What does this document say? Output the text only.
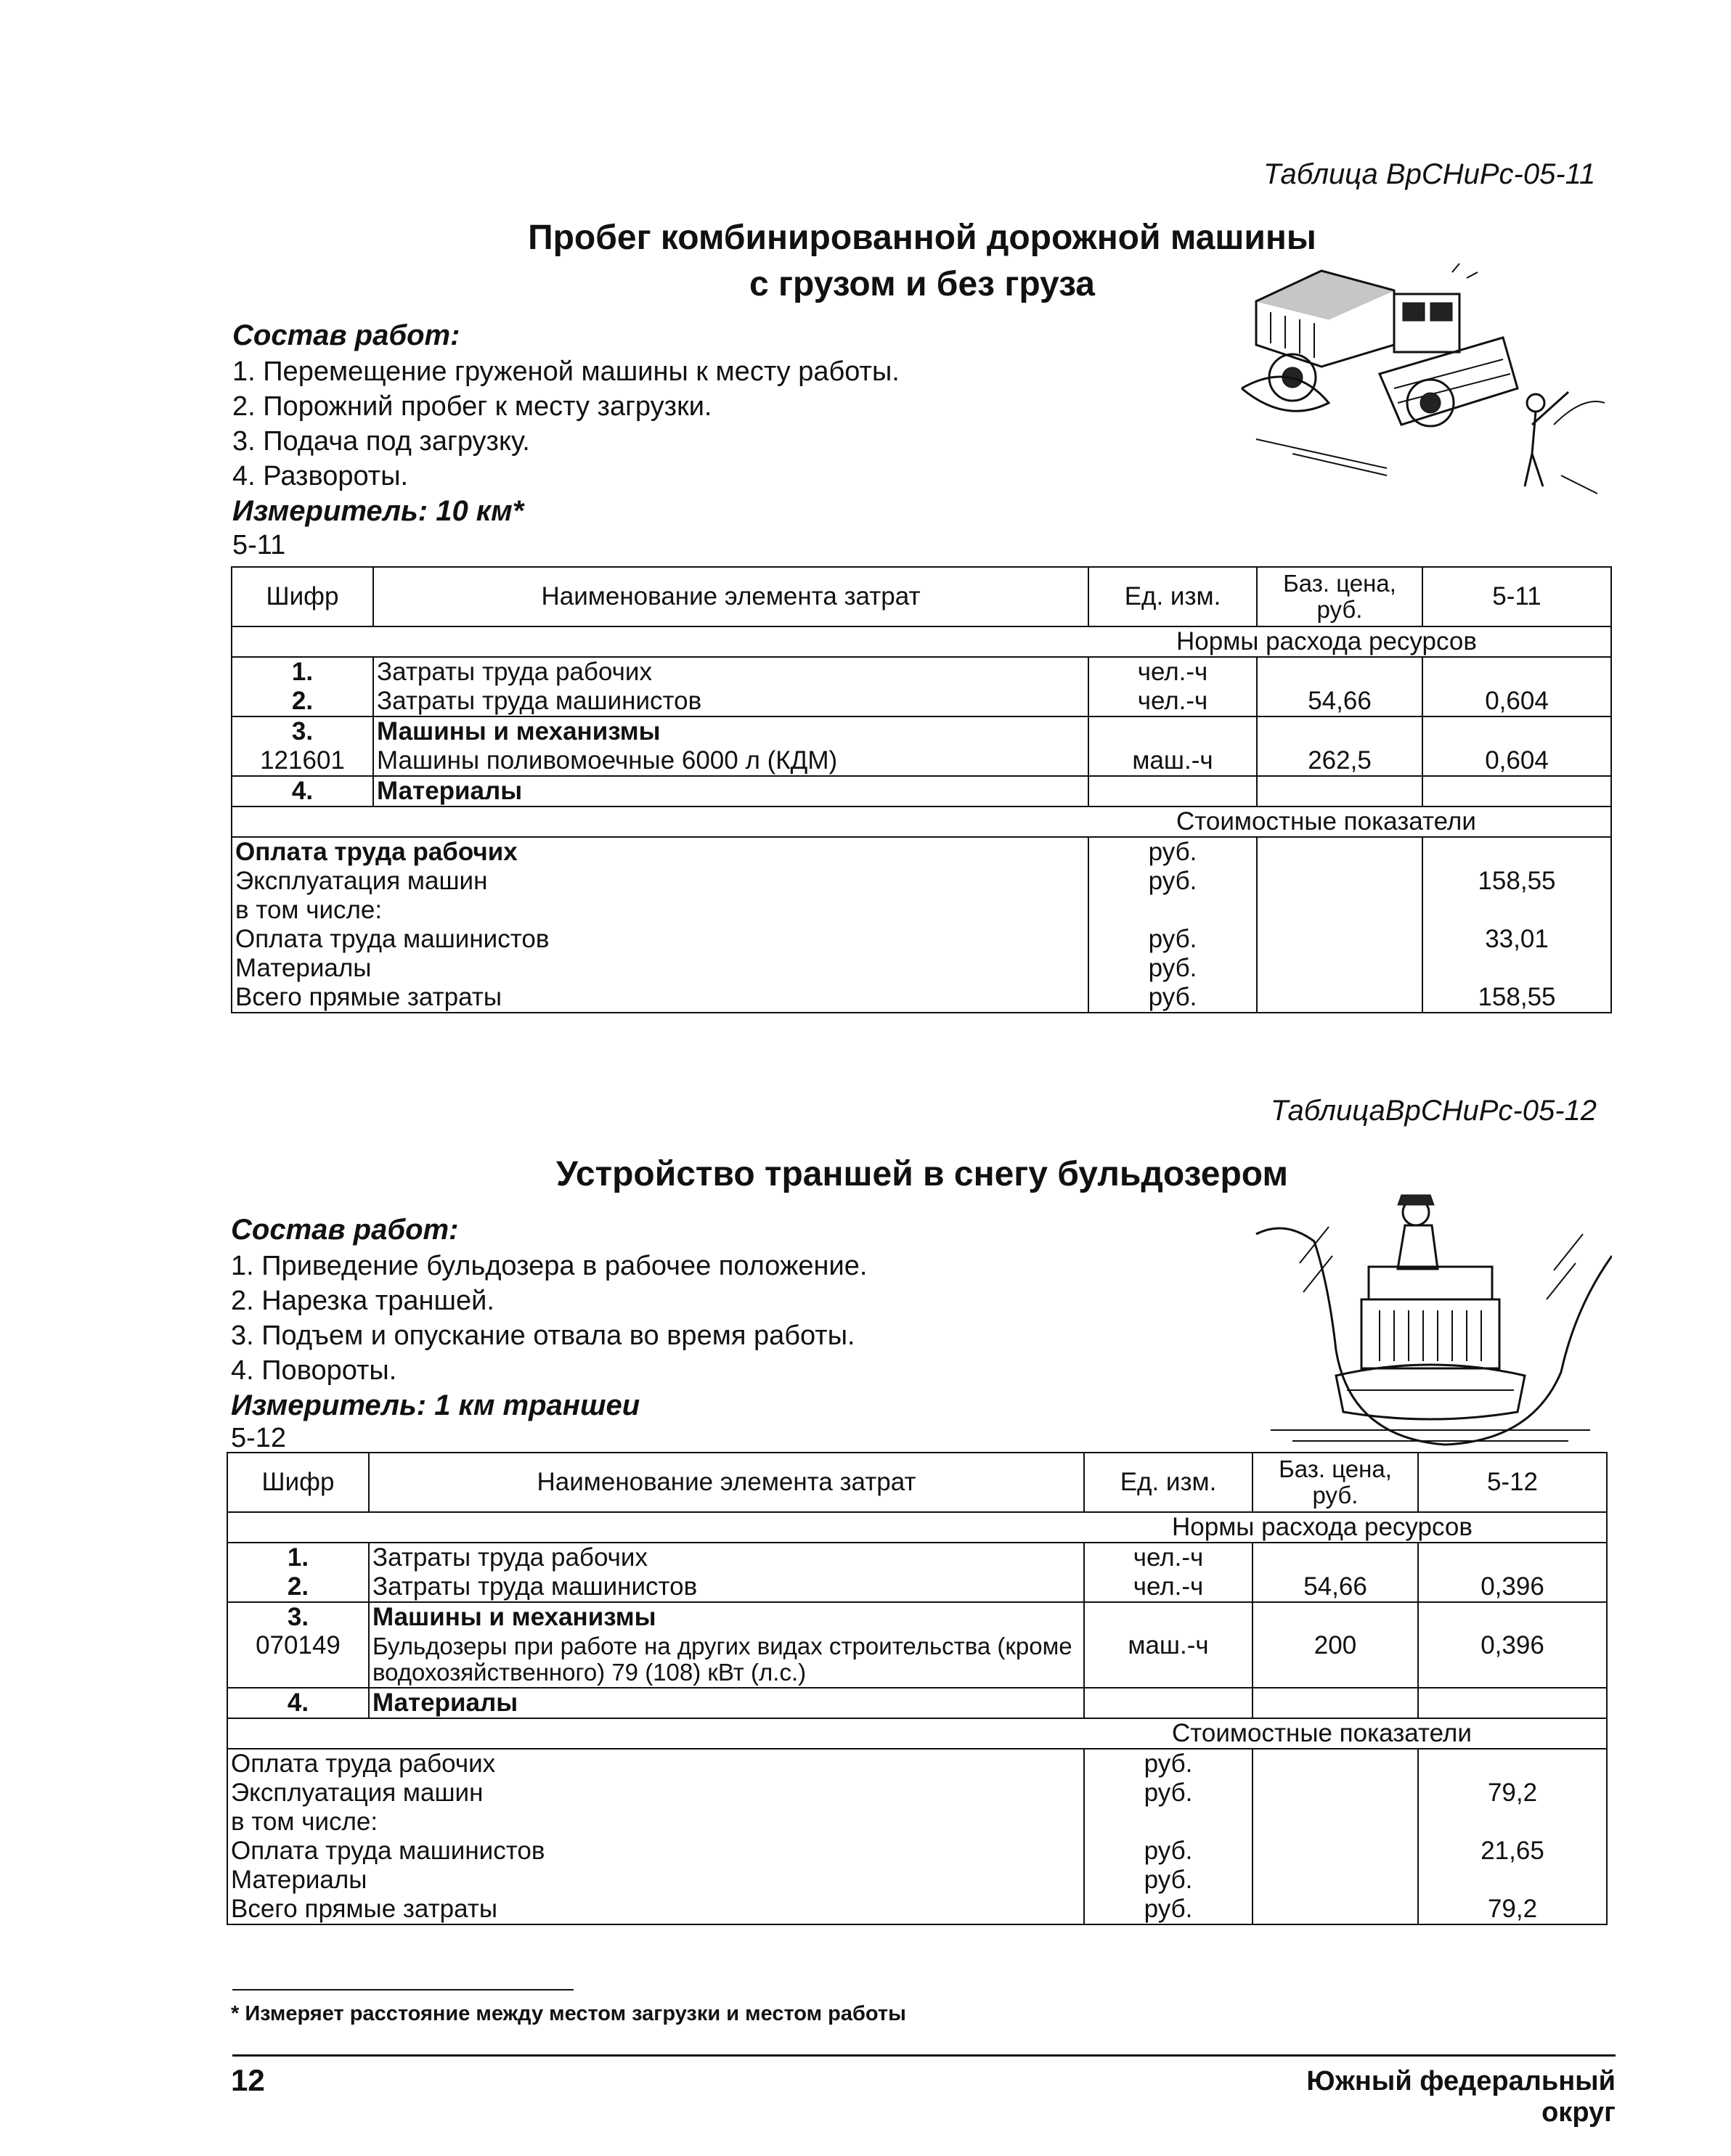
Таблица ВрСНиРс-05-11
Пробег комбинированной дорожной машины
с грузом и без груза
Состав работ:
1. Перемещение груженой машины к месту работы.
2. Порожний пробег к месту загрузки.
3. Подача под загрузку.
4. Развороты.
Измеритель: 10 км*
5-11
Шифр	Наименование элемента затрат	Ед. изм.	Баз. цена, руб.	5-11
Нормы расхода ресурсов				
1.	Затраты труда рабочих	чел.-ч		
2.	Затраты труда машинистов	чел.-ч	54,66	0,604
3.	Машины и механизмы			
121601	Машины поливомоечные 6000 л (КДМ)	маш.-ч	262,5	0,604
4.	Материалы			
Стоимостные показатели				
Оплата труда рабочих		руб.		
Эксплуатация машин		руб.		158,55
в том числе:				
Оплата труда машинистов		руб.		33,01
Материалы		руб.		
Всего прямые затраты		руб.		158,55
ТаблицаВрСНиРс-05-12
Устройство траншей в снегу бульдозером
Состав работ:
1. Приведение бульдозера в рабочее положение.
2. Нарезка траншей.
3. Подъем и опускание отвала во время работы.
4. Повороты.
Измеритель: 1 км траншеи
5-12
Шифр	Наименование элемента затрат	Ед. изм.	Баз. цена, руб.	5-12
Нормы расхода ресурсов				
1.	Затраты труда рабочих	чел.-ч		
2.	Затраты труда машинистов	чел.-ч	54,66	0,396
3.	Машины и механизмы			
070149	Бульдозеры при работе на других видах строительства (кроме водохозяйственного) 79 (108) кВт (л.с.)	маш.-ч	200	0,396
4.	Материалы			
Стоимостные показатели				
Оплата труда рабочих		руб.		
Эксплуатация машин		руб.		79,2
в том числе:				
Оплата труда машинистов		руб.		21,65
Материалы		руб.		
Всего прямые затраты		руб.		79,2
* Измеряет расстояние между местом загрузки и местом работы
12	Южный федеральный округ
